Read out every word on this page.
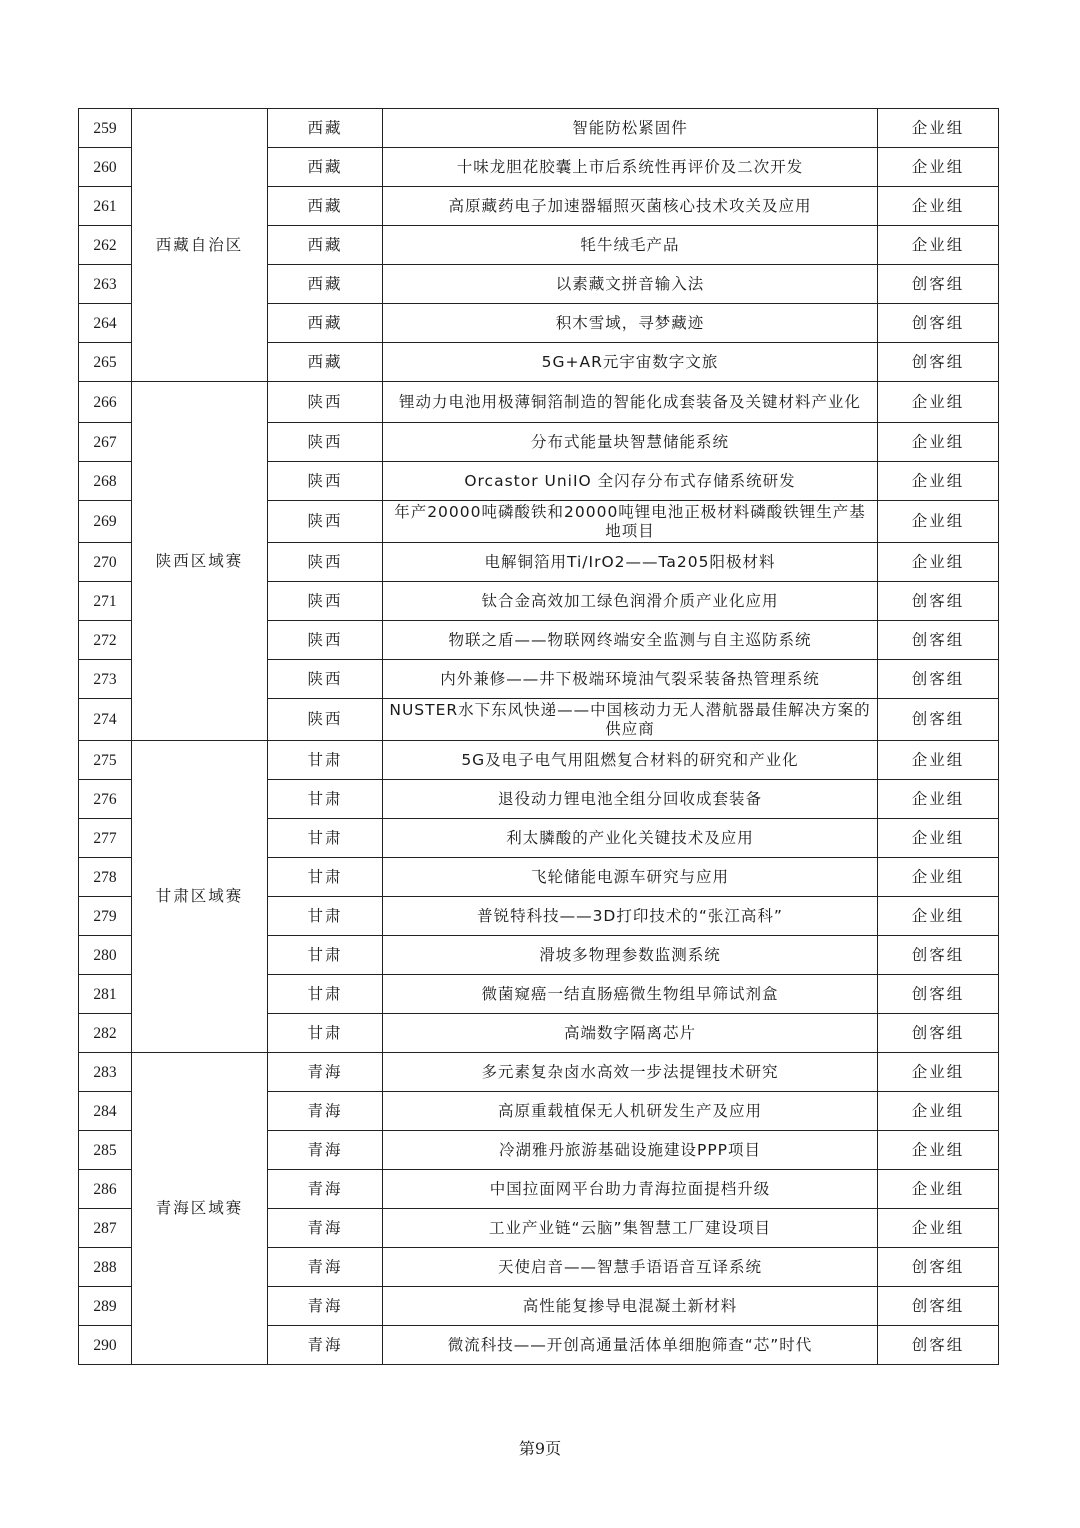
259	西藏自治区	西藏	智能防松紧固件	企业组
260		西藏	十味龙胆花胶囊上市后系统性再评价及二次开发	企业组
261		西藏	高原藏药电子加速器辐照灭菌核心技术攻关及应用	企业组
262		西藏	牦牛绒毛产品	企业组
263		西藏	以素藏文拼音输入法	创客组
264		西藏	积木雪域，寻梦藏迹	创客组
265		西藏	5G+AR元宇宙数字文旅	创客组
266	陕西区域赛	陕西	锂动力电池用极薄铜箔制造的智能化成套装备及关键材料产业化	企业组
267		陕西	分布式能量块智慧储能系统	企业组
268		陕西	Orcastor UniIO 全闪存分布式存储系统研发	企业组
269		陕西	年产20000吨磷酸铁和20000吨锂电池正极材料磷酸铁锂生产基地项目	企业组
270		陕西	电解铜箔用Ti/IrO2——Ta205阳极材料	企业组
271		陕西	钛合金高效加工绿色润滑介质产业化应用	创客组
272		陕西	物联之盾——物联网终端安全监测与自主巡防系统	创客组
273		陕西	内外兼修——井下极端环境油气裂采装备热管理系统	创客组
274		陕西	NUSTER水下东风快递——中国核动力无人潜航器最佳解决方案的供应商	创客组
275	甘肃区域赛	甘肃	5G及电子电气用阻燃复合材料的研究和产业化	企业组
276		甘肃	退役动力锂电池全组分回收成套装备	企业组
277		甘肃	利太膦酸的产业化关键技术及应用	企业组
278		甘肃	飞轮储能电源车研究与应用	企业组
279		甘肃	普锐特科技——3D打印技术的“张江高科”	企业组
280		甘肃	滑坡多物理参数监测系统	创客组
281		甘肃	微菌窥癌一结直肠癌微生物组早筛试剂盒	创客组
282		甘肃	高端数字隔离芯片	创客组
283	青海区域赛	青海	多元素复杂卤水高效一步法提锂技术研究	企业组
284		青海	高原重载植保无人机研发生产及应用	企业组
285		青海	冷湖雅丹旅游基础设施建设PPP项目	企业组
286		青海	中国拉面网平台助力青海拉面提档升级	企业组
287		青海	工业产业链“云脑”集智慧工厂建设项目	企业组
288		青海	天使启音——智慧手语语音互译系统	创客组
289		青海	高性能复掺导电混凝土新材料	创客组
290		青海	微流科技——开创高通量活体单细胞筛查“芯”时代	创客组
第9页
